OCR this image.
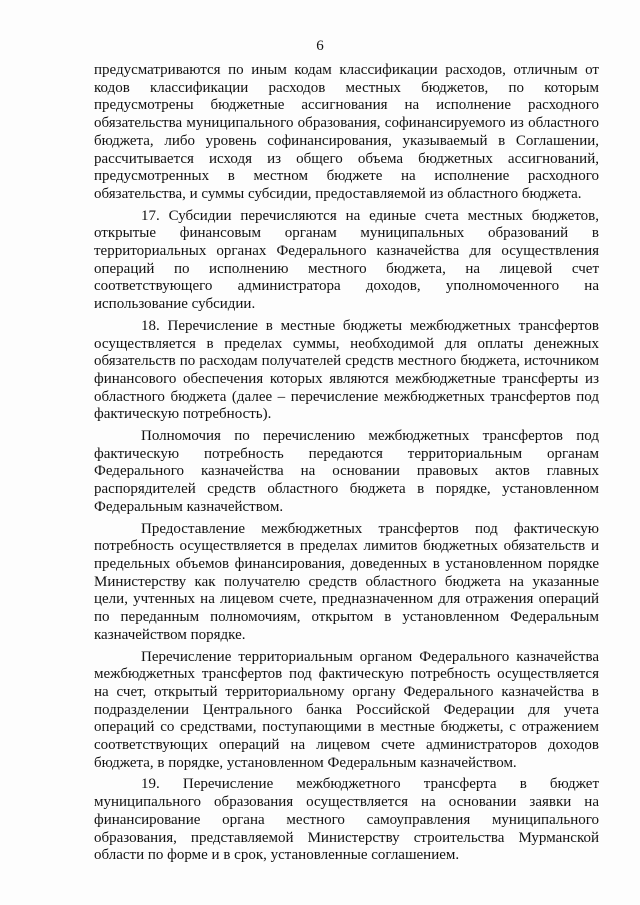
6

предусматриваются по иным кодам классификации расходов, отличным от кодов классификации расходов местных бюджетов, по которым предусмотрены бюджетные ассигнования на исполнение расходного обязательства муниципального образования, софинансируемого из областного бюджета, либо уровень софинансирования, указываемый в Соглашении, рассчитывается исходя из общего объема бюджетных ассигнований, предусмотренных в местном бюджете на исполнение расходного обязательства, и суммы субсидии, предоставляемой из областного бюджета.

17. Субсидии перечисляются на единые счета местных бюджетов, открытые финансовым органам муниципальных образований в территориальных органах Федерального казначейства для осуществления операций по исполнению местного бюджета, на лицевой счет соответствующего администратора доходов, уполномоченного на использование субсидии.

18. Перечисление в местные бюджеты межбюджетных трансфертов осуществляется в пределах суммы, необходимой для оплаты денежных обязательств по расходам получателей средств местного бюджета, источником финансового обеспечения которых являются межбюджетные трансферты из областного бюджета (далее – перечисление межбюджетных трансфертов под фактическую потребность).

Полномочия по перечислению межбюджетных трансфертов под фактическую потребность передаются территориальным органам Федерального казначейства на основании правовых актов главных распорядителей средств областного бюджета в порядке, установленном Федеральным казначейством.

Предоставление межбюджетных трансфертов под фактическую потребность осуществляется в пределах лимитов бюджетных обязательств и предельных объемов финансирования, доведенных в установленном порядке Министерству как получателю средств областного бюджета на указанные цели, учтенных на лицевом счете, предназначенном для отражения операций по переданным полномочиям, открытом в установленном Федеральным казначейством порядке.

Перечисление территориальным органом Федерального казначейства межбюджетных трансфертов под фактическую потребность осуществляется на счет, открытый территориальному органу Федерального казначейства в подразделении Центрального банка Российской Федерации для учета операций со средствами, поступающими в местные бюджеты, с отражением соответствующих операций на лицевом счете администраторов доходов бюджета, в порядке, установленном Федеральным казначейством.

19. Перечисление межбюджетного трансферта в бюджет муниципального образования осуществляется на основании заявки на финансирование органа местного самоуправления муниципального образования, представляемой Министерству строительства Мурманской области по форме и в срок, установленные соглашением.
